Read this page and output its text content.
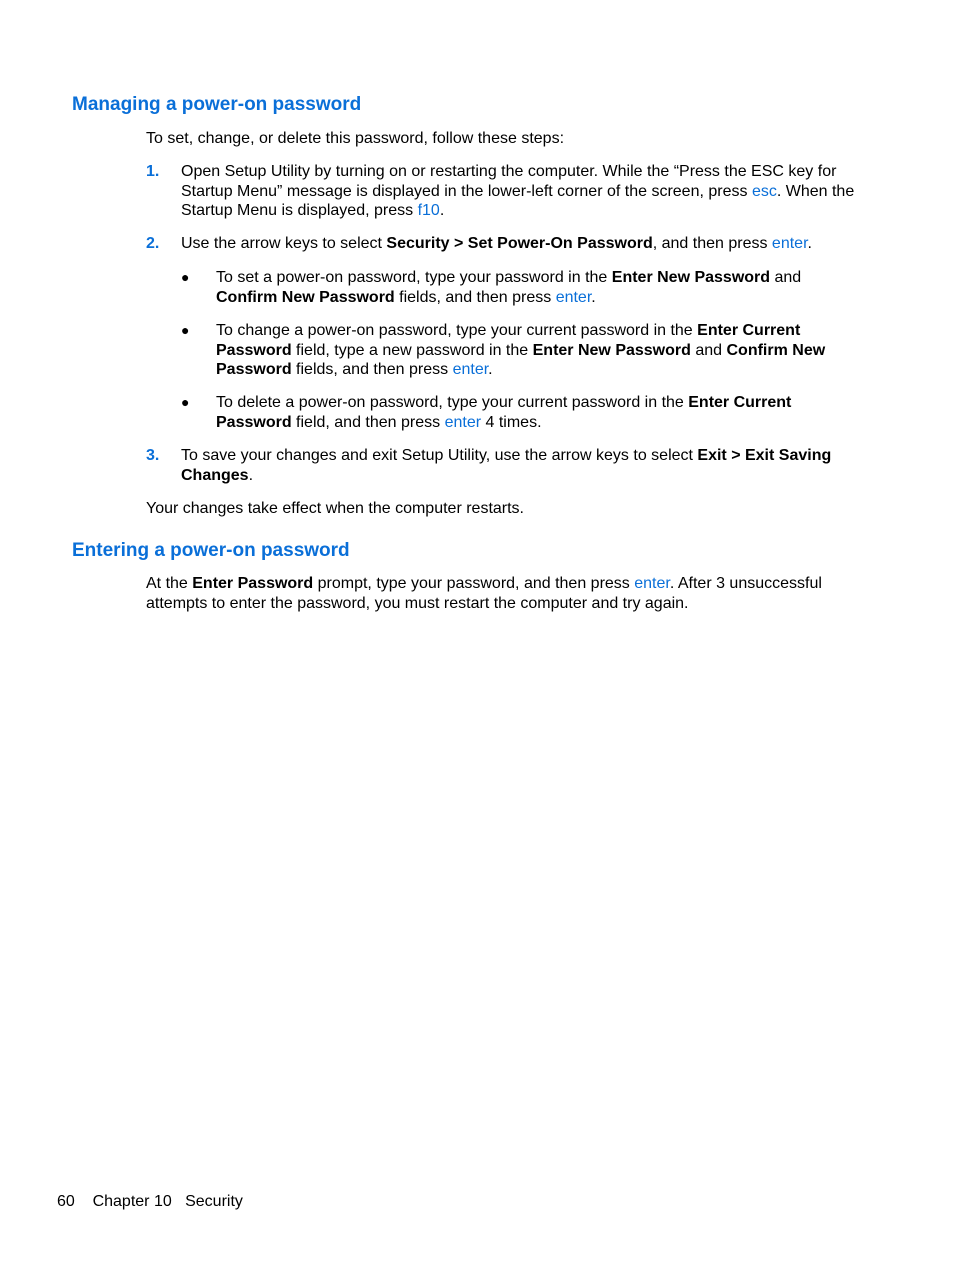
Managing a power-on password

To set, change, or delete this password, follow these steps:

1. Open Setup Utility by turning on or restarting the computer. While the “Press the ESC key for Startup Menu” message is displayed in the lower-left corner of the screen, press esc. When the Startup Menu is displayed, press f10.

2. Use the arrow keys to select Security > Set Power-On Password, and then press enter.

● To set a power-on password, type your password in the Enter New Password and Confirm New Password fields, and then press enter.

● To change a power-on password, type your current password in the Enter Current Password field, type a new password in the Enter New Password and Confirm New Password fields, and then press enter.

● To delete a power-on password, type your current password in the Enter Current Password field, and then press enter 4 times.

3. To save your changes and exit Setup Utility, use the arrow keys to select Exit > Exit Saving Changes.

Your changes take effect when the computer restarts.

Entering a power-on password

At the Enter Password prompt, type your password, and then press enter. After 3 unsuccessful attempts to enter the password, you must restart the computer and try again.

60 Chapter 10 Security
